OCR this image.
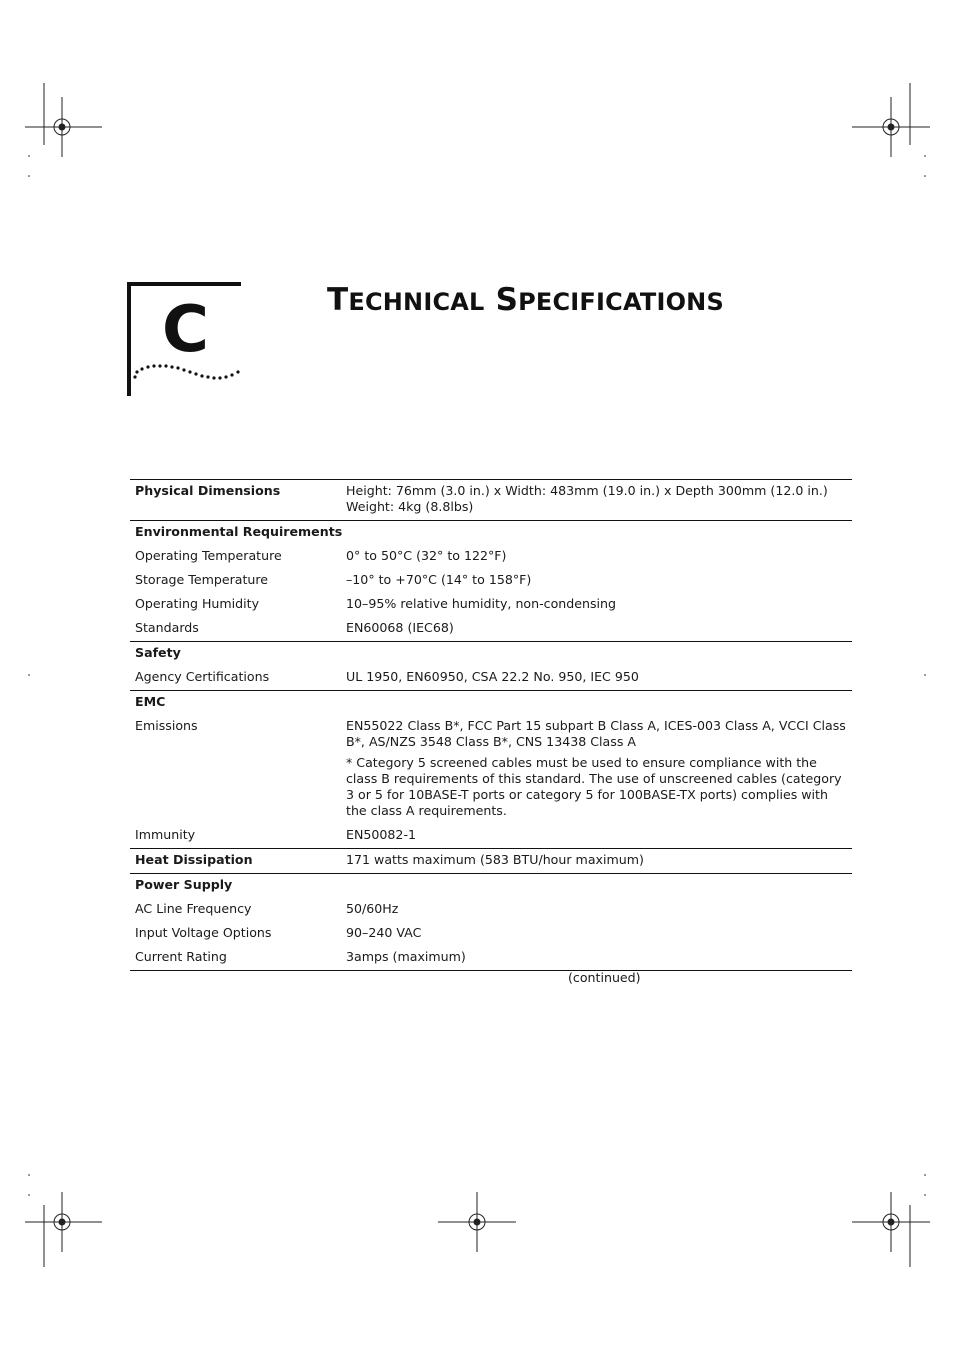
C	TECHNICAL SPECIFICATIONS
Physical Dimensions	Height: 76mm (3.0 in.) x Width: 483mm (19.0 in.) x Depth 300mm (12.0 in.)
Weight: 4kg (8.8lbs)
Environmental Requirements
Operating Temperature	0° to 50°C (32° to 122°F)
Storage Temperature	–10° to +70°C (14° to 158°F)
Operating Humidity	10–95% relative humidity, non-condensing
Standards	EN60068 (IEC68)
Safety
Agency Certifications	UL 1950, EN60950, CSA 22.2 No. 950, IEC 950
EMC
Emissions	EN55022 Class B*, FCC Part 15 subpart B Class A, ICES-003 Class A, VCCI Class B*, AS/NZS 3548 Class B*, CNS 13438 Class A
* Category 5 screened cables must be used to ensure compliance with the class B requirements of this standard. The use of unscreened cables (category 3 or 5 for 10BASE-T ports or category 5 for 100BASE-TX ports) complies with the class A requirements.
Immunity	EN50082-1
Heat Dissipation	171 watts maximum (583 BTU/hour maximum)
Power Supply
AC Line Frequency	50/60Hz
Input Voltage Options	90–240 VAC
Current Rating	3amps (maximum)
(continued)
